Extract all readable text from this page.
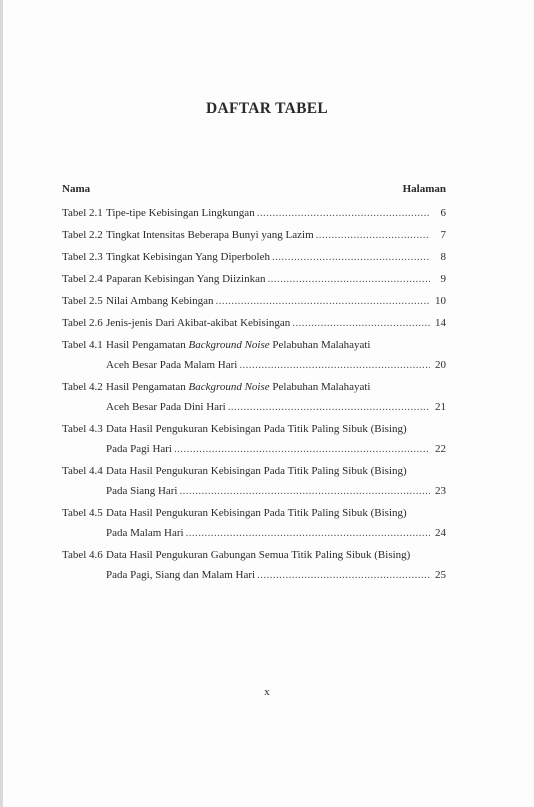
DAFTAR TABEL
Nama	Halaman
Tabel 2.1 Tipe-tipe Kebisingan Lingkungan .....	6
Tabel 2.2 Tingkat Intensitas Beberapa Bunyi yang Lazim .....	7
Tabel 2.3 Tingkat Kebisingan Yang Diperboleh .....	8
Tabel 2.4 Paparan Kebisingan Yang Diizinkan .....	9
Tabel 2.5 Nilai Ambang Kebingan .....	10
Tabel 2.6 Jenis-jenis Dari Akibat-akibat Kebisingan .....	14
Tabel 4.1 Hasil Pengamatan Background Noise Pelabuhan Malahayati
Aceh Besar Pada Malam Hari .....	20
Tabel 4.2 Hasil Pengamatan Background Noise Pelabuhan Malahayati
Aceh Besar Pada Dini Hari .....	21
Tabel 4.3 Data Hasil Pengukuran Kebisingan Pada Titik Paling Sibuk (Bising)
Pada Pagi Hari .....	22
Tabel 4.4 Data Hasil Pengukuran Kebisingan Pada Titik Paling Sibuk (Bising)
Pada Siang Hari .....	23
Tabel 4.5 Data Hasil Pengukuran Kebisingan Pada Titik Paling Sibuk (Bising)
Pada Malam Hari .....	24
Tabel 4.6 Data Hasil Pengukuran Gabungan Semua Titik Paling Sibuk (Bising)
Pada Pagi, Siang dan Malam Hari .....	25
x
